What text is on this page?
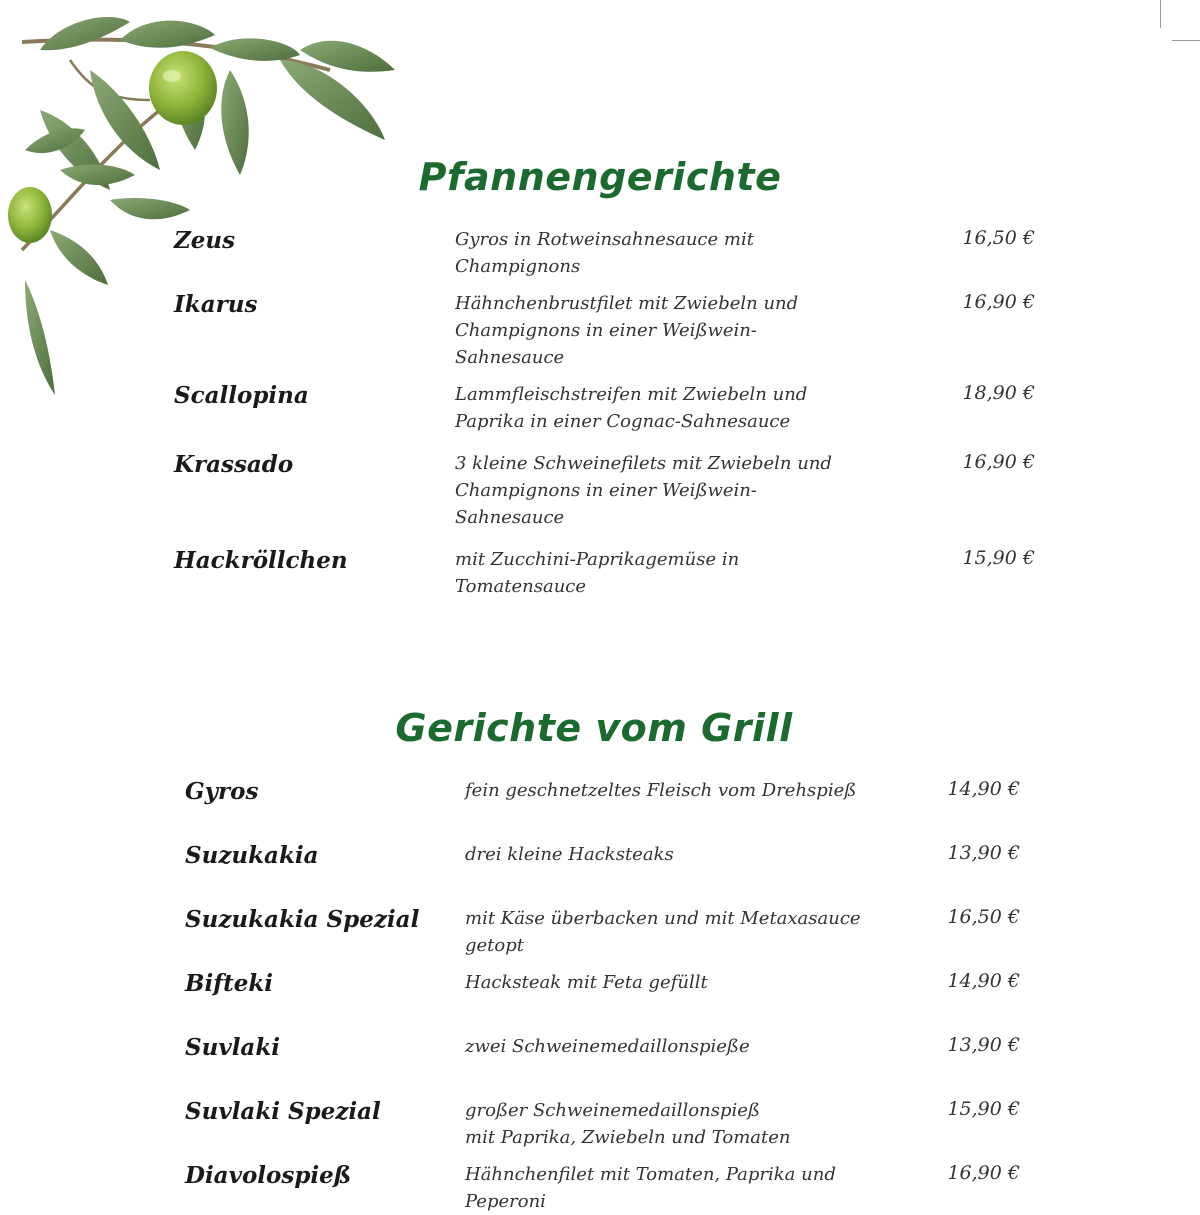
Pfannengerichte
Zeus	Gyros in Rotweinsahnesauce mit
Champignons
16,50 €
Ikarus	Hähnchenbrustfilet mit Zwiebeln und
Champignons in einer Weißwein-
Sahnesauce
16,90 €
Scallopina	Lammfleischstreifen mit Zwiebeln und
Paprika in einer Cognac-Sahnesauce
18,90 €
Krassado	3 kleine Schweinefilets mit Zwiebeln und
Champignons in einer Weißwein-
Sahnesauce
16,90 €
Hackröllchen	mit Zucchini-Paprikagemüse in
Tomatensauce
15,90 €
Gerichte vom Grill
Gyros	fein geschnetzeltes Fleisch vom Drehspieß	14,90 €
Suzukakia	drei kleine Hacksteaks	13,90 €
Suzukakia Spezial	mit Käse überbacken und mit Metaxasauce
getopt
16,50 €
Bifteki	Hacksteak mit Feta gefüllt	14,90 €
Suvlaki	zwei Schweinemedaillonspieße	13,90 €
Suvlaki Spezial	großer Schweinemedaillonspieß
mit Paprika, Zwiebeln und Tomaten
15,90 €
Diavolospieß	Hähnchenfilet mit Tomaten, Paprika und
Peperoni
16,90 €
